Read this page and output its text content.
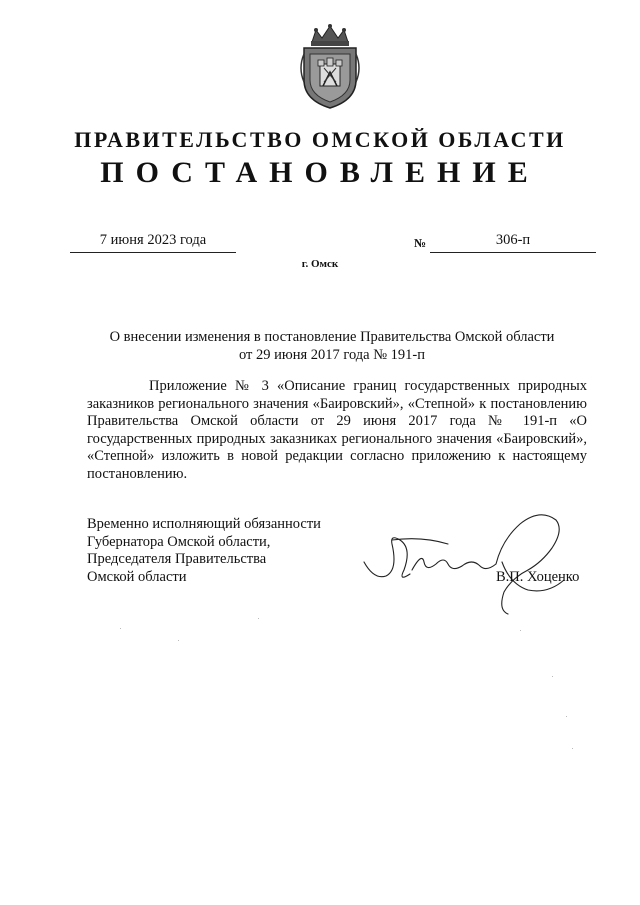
ПРАВИТЕЛЬСТВО ОМСКОЙ ОБЛАСТИ
ПОСТАНОВЛЕНИЕ
7 июня 2023 года	№	306-п
г. Омск
О внесении изменения в постановление Правительства Омской области
от 29 июня 2017 года № 191-п

Приложение № 3 «Описание границ государственных природных заказников регионального значения «Баировский», «Степной» к постановлению Правительства Омской области от 29 июня 2017 года № 191-п «О государственных природных заказниках регионального значения «Баировский», «Степной» изложить в новой редакции согласно приложению к настоящему постановлению.

Временно исполняющий обязанности
Губернатора Омской области,
Председателя Правительства
Омской области	В.П. Хоценко
